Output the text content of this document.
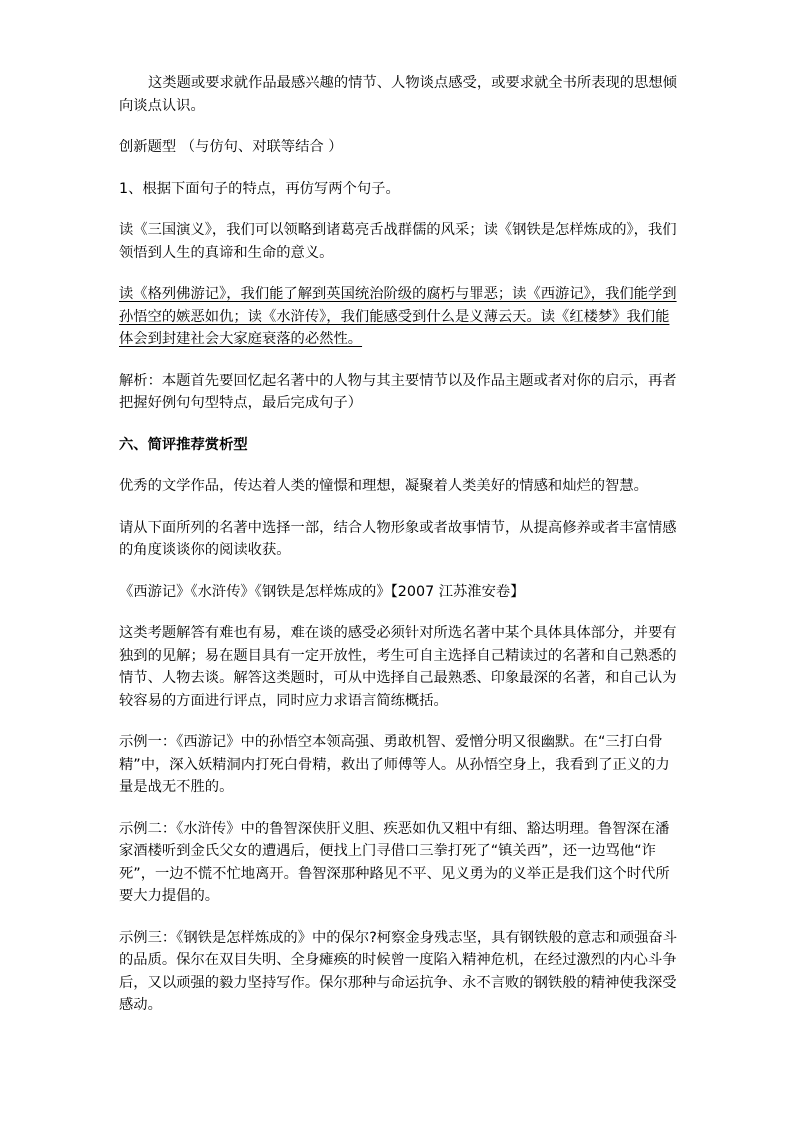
这类题或要求就作品最感兴趣的情节、人物谈点感受，或要求就全书所表现的思想倾向谈点认识。

创新题型 （与仿句、对联等结合 ）

1、根据下面句子的特点，再仿写两个句子。

读《三国演义》，我们可以领略到诸葛亮舌战群儒的风采；读《钢铁是怎样炼成的》，我们领悟到人生的真谛和生命的意义。

读《格列佛游记》，我们能了解到英国统治阶级的腐朽与罪恶；读《西游记》，我们能学到孙悟空的嫉恶如仇；读《水浒传》，我们能感受到什么是义薄云天。读《红楼梦》我们能体会到封建社会大家庭衰落的必然性。

解析：本题首先要回忆起名著中的人物与其主要情节以及作品主题或者对你的启示，再者把握好例句句型特点，最后完成句子）

六、简评推荐赏析型

优秀的文学作品，传达着人类的憧憬和理想，凝聚着人类美好的情感和灿烂的智慧。

请从下面所列的名著中选择一部，结合人物形象或者故事情节，从提高修养或者丰富情感的角度谈谈你的阅读收获。

《西游记》《水浒传》《钢铁是怎样炼成的》【2007 江苏淮安卷】

这类考题解答有难也有易，难在谈的感受必须针对所选名著中某个具体具体部分，并要有独到的见解；易在题目具有一定开放性，考生可自主选择自己精读过的名著和自己熟悉的情节、人物去谈。解答这类题时，可从中选择自己最熟悉、印象最深的名著，和自己认为较容易的方面进行评点，同时应力求语言简练概括。

示例一：《西游记》中的孙悟空本领高强、勇敢机智、爱憎分明又很幽默。在“三打白骨精”中，深入妖精洞内打死白骨精，救出了师傅等人。从孙悟空身上，我看到了正义的力量是战无不胜的。

示例二：《水浒传》中的鲁智深侠肝义胆、疾恶如仇又粗中有细、豁达明理。鲁智深在潘家酒楼听到金氏父女的遭遇后，便找上门寻借口三拳打死了“镇关西”，还一边骂他“诈死”，一边不慌不忙地离开。鲁智深那种路见不平、见义勇为的义举正是我们这个时代所要大力提倡的。

示例三：《钢铁是怎样炼成的》中的保尔?柯察金身残志坚，具有钢铁般的意志和顽强奋斗的品质。保尔在双目失明、全身瘫痪的时候曾一度陷入精神危机，在经过激烈的内心斗争后，又以顽强的毅力坚持写作。保尔那种与命运抗争、永不言败的钢铁般的精神使我深受感动。
